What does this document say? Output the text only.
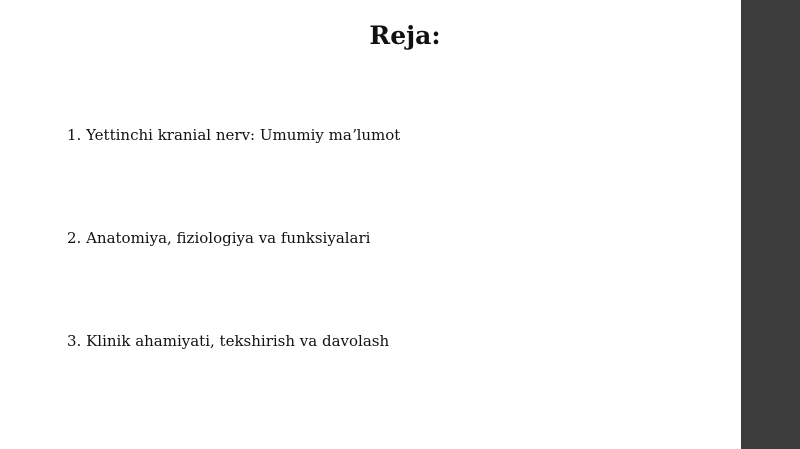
Reja:
1. Yettinchi kranial nerv: Umumiy maʼlumot
2. Anatomiya, fiziologiya va funksiyalari
3. Klinik ahamiyati, tekshirish va davolash
